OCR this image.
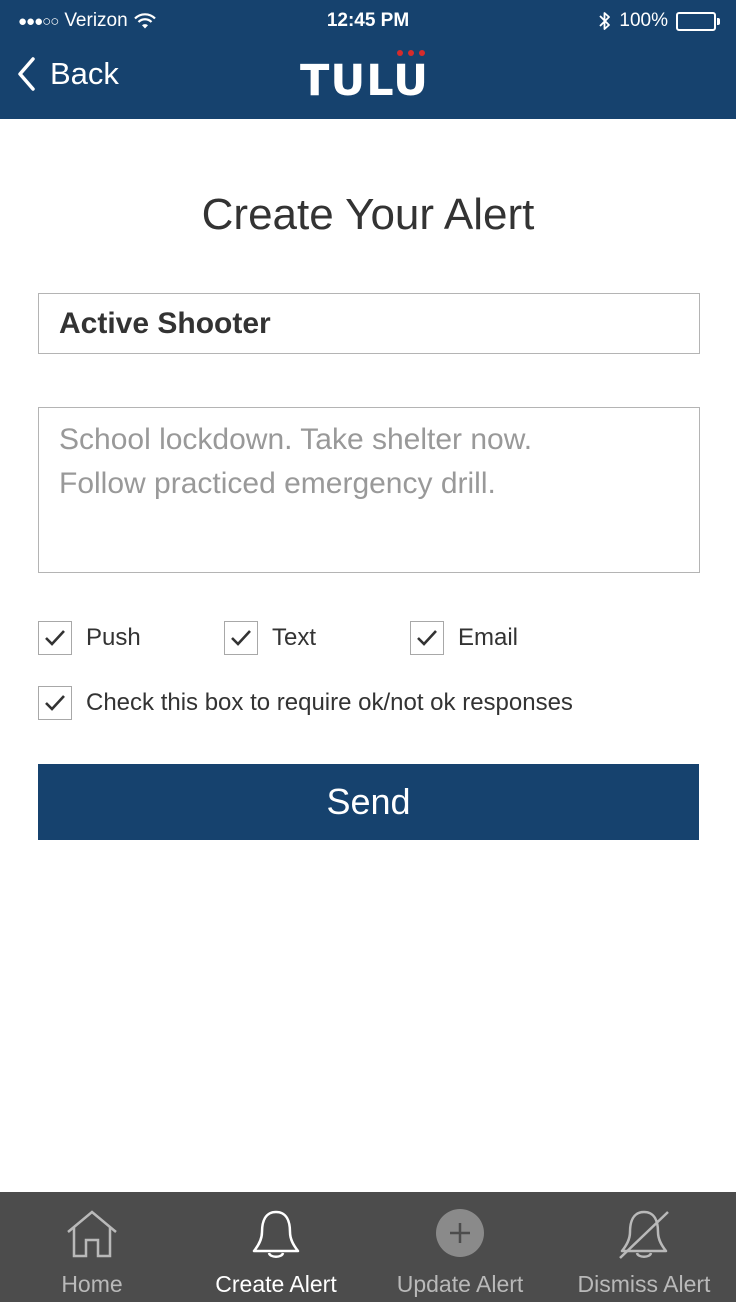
●●●○○ Verizon	12:45 PM	100%
Back	TULU
Create Your Alert
Active Shooter
School lockdown. Take shelter now. Follow practiced emergency drill.
Push	Text	Email
Check this box to require ok/not ok responses
Send
Home	Create Alert	Update Alert	Dismiss Alert
